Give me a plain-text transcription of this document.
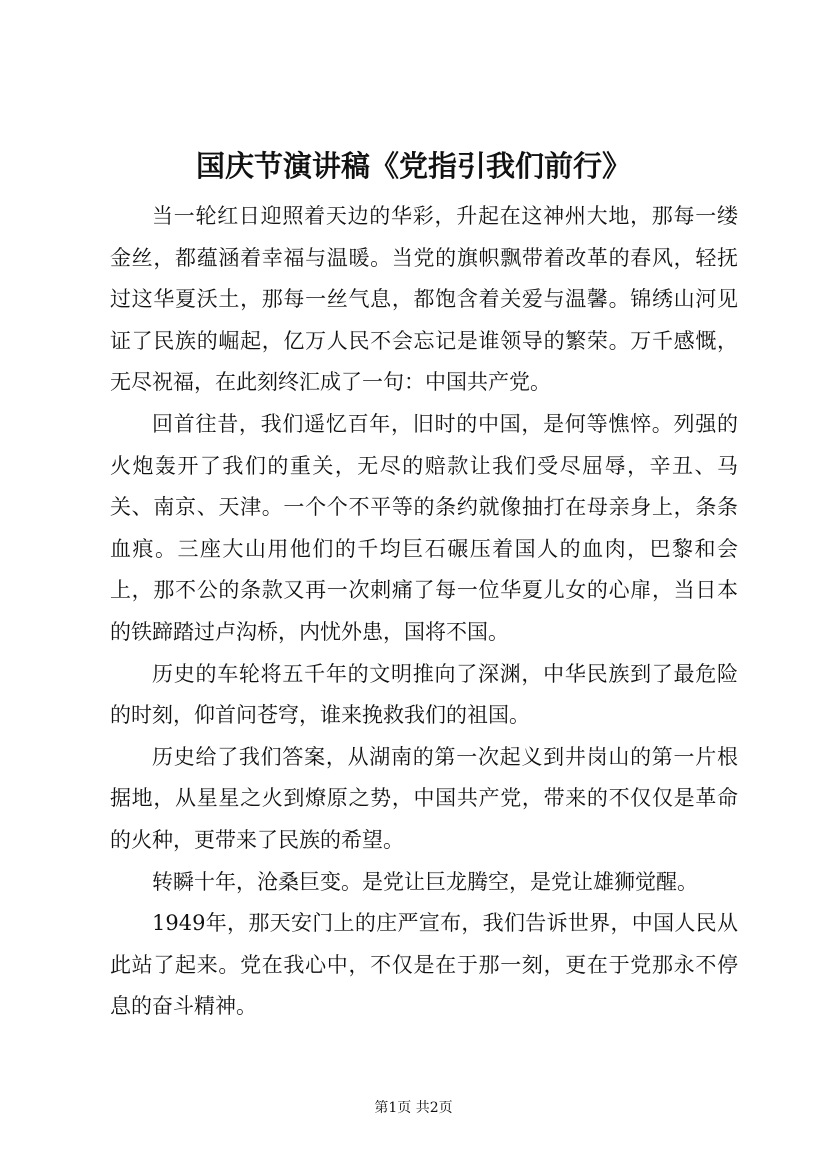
国庆节演讲稿《党指引我们前行》

当一轮红日迎照着天边的华彩，升起在这神州大地，那每一缕金丝，都蕴涵着幸福与温暖。当党的旗帜飘带着改革的春风，轻抚过这华夏沃土，那每一丝气息，都饱含着关爱与温馨。锦绣山河见证了民族的崛起，亿万人民不会忘记是谁领导的繁荣。万千感慨，无尽祝福，在此刻终汇成了一句：中国共产党。

回首往昔，我们遥忆百年，旧时的中国，是何等憔悴。列强的火炮轰开了我们的重关，无尽的赔款让我们受尽屈辱，辛丑、马关、南京、天津。一个个不平等的条约就像抽打在母亲身上，条条血痕。三座大山用他们的千均巨石碾压着国人的血肉，巴黎和会上，那不公的条款又再一次刺痛了每一位华夏儿女的心扉，当日本的铁蹄踏过卢沟桥，内忧外患，国将不国。

历史的车轮将五千年的文明推向了深渊，中华民族到了最危险的时刻，仰首问苍穹，谁来挽救我们的祖国。

历史给了我们答案，从湖南的第一次起义到井岗山的第一片根据地，从星星之火到燎原之势，中国共产党，带来的不仅仅是革命的火种，更带来了民族的希望。

转瞬十年，沧桑巨变。是党让巨龙腾空，是党让雄狮觉醒。

1949年，那天安门上的庄严宣布，我们告诉世界，中国人民从此站了起来。党在我心中，不仅是在于那一刻，更在于党那永不停息的奋斗精神。

第1页 共2页
